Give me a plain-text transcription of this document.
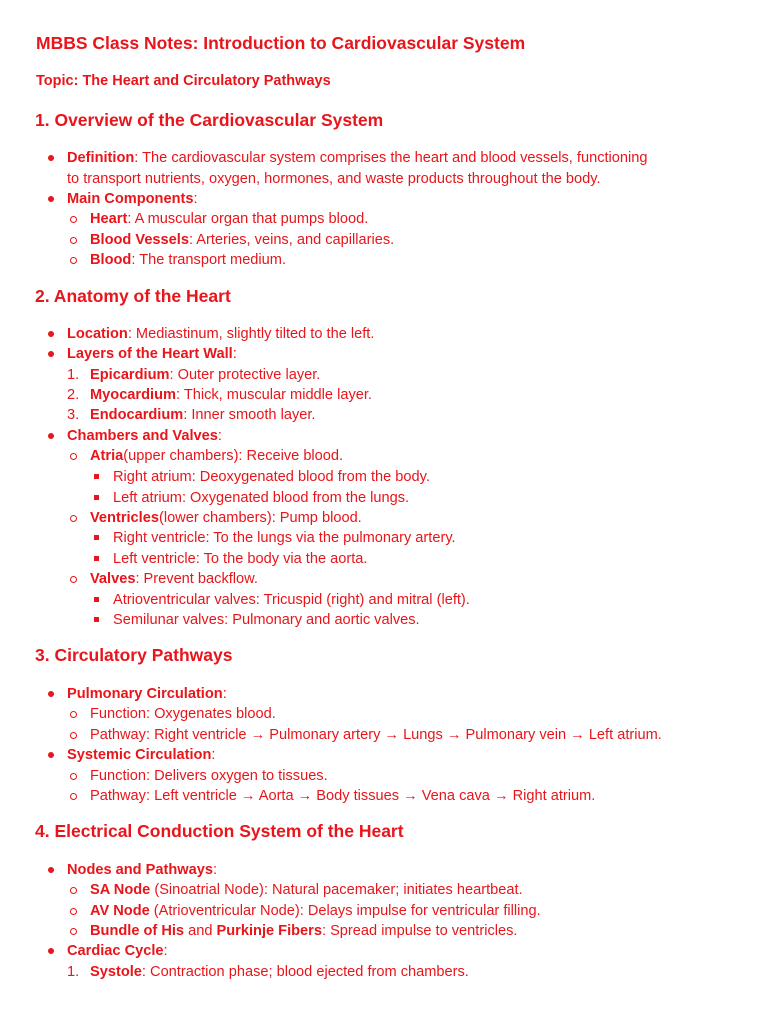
MBBS Class Notes: Introduction to Cardiovascular System
Topic: The Heart and Circulatory Pathways
1. Overview of the Cardiovascular System
Definition: The cardiovascular system comprises the heart and blood vessels, functioning
to transport nutrients, oxygen, hormones, and waste products throughout the body.
Main Components:
Heart: A muscular organ that pumps blood.
Blood Vessels: Arteries, veins, and capillaries.
Blood: The transport medium.
2. Anatomy of the Heart
Location: Mediastinum, slightly tilted to the left.
Layers of the Heart Wall:
1. Epicardium: Outer protective layer.
2. Myocardium: Thick, muscular middle layer.
3. Endocardium: Inner smooth layer.
Chambers and Valves:
Atria(upper chambers): Receive blood.
Right atrium: Deoxygenated blood from the body.
Left atrium: Oxygenated blood from the lungs.
Ventricles(lower chambers): Pump blood.
Right ventricle: To the lungs via the pulmonary artery.
Left ventricle: To the body via the aorta.
Valves: Prevent backflow.
Atrioventricular valves: Tricuspid (right) and mitral (left).
Semilunar valves: Pulmonary and aortic valves.
3. Circulatory Pathways
Pulmonary Circulation:
Function: Oxygenates blood.
Pathway: Right ventricle → Pulmonary artery → Lungs → Pulmonary vein → Left atrium.
Systemic Circulation:
Function: Delivers oxygen to tissues.
Pathway: Left ventricle → Aorta → Body tissues → Vena cava → Right atrium.
4. Electrical Conduction System of the Heart
Nodes and Pathways:
SA Node (Sinoatrial Node): Natural pacemaker; initiates heartbeat.
AV Node (Atrioventricular Node): Delays impulse for ventricular filling.
Bundle of His and Purkinje Fibers: Spread impulse to ventricles.
Cardiac Cycle:
1. Systole: Contraction phase; blood ejected from chambers.
